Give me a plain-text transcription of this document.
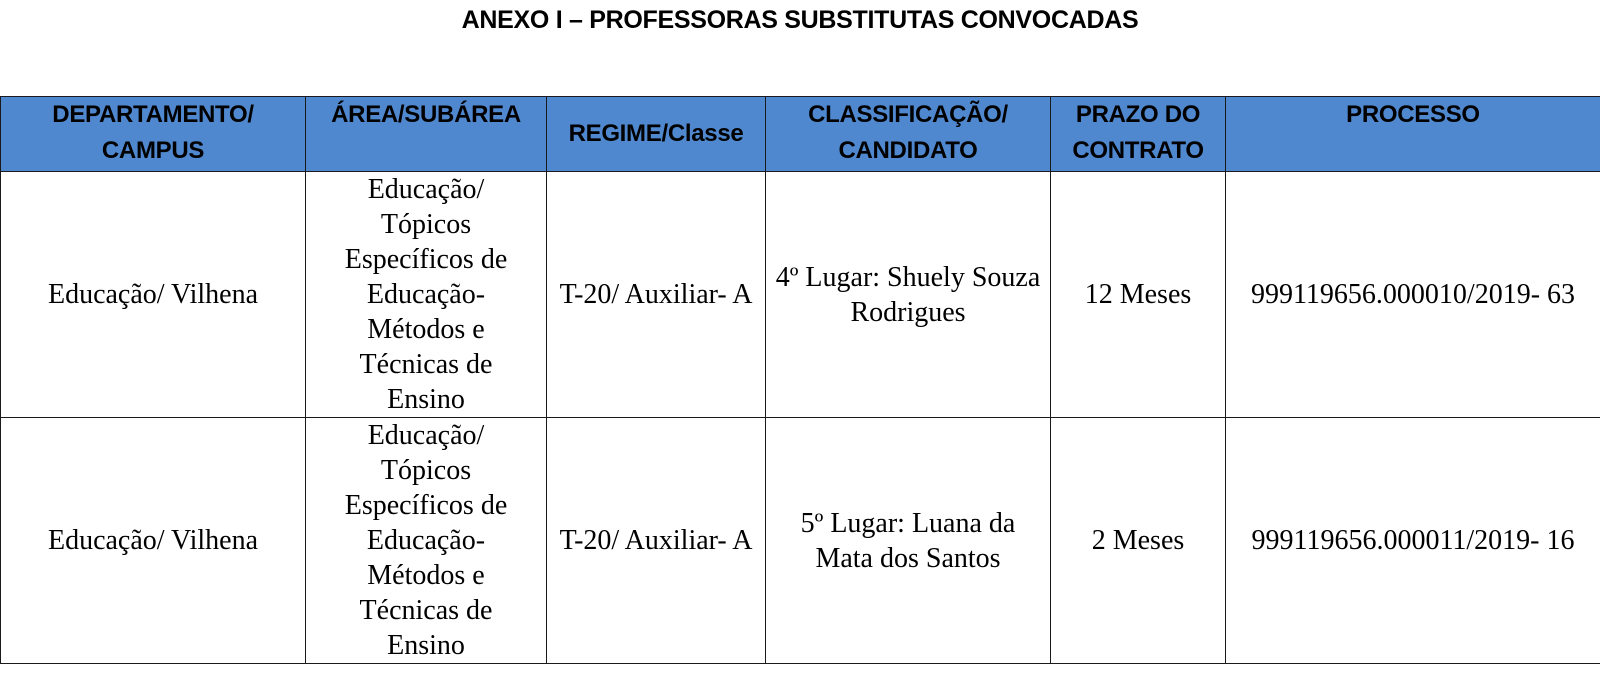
ANEXO I – PROFESSORAS SUBSTITUTAS CONVOCADAS
DEPARTAMENTO/ CAMPUS	ÁREA/SUBÁREA	REGIME/Classe	CLASSIFICAÇÃO/ CANDIDATO	PRAZO DO CONTRATO	PROCESSO
Educação/ Vilhena	Educação/ Tópicos Específicos de Educação- Métodos e Técnicas de Ensino	T-20/ Auxiliar- A	4º Lugar: Shuely Souza Rodrigues	12 Meses	999119656.000010/2019- 63
Educação/ Vilhena	Educação/ Tópicos Específicos de Educação- Métodos e Técnicas de Ensino	T-20/ Auxiliar- A	5º Lugar: Luana da Mata dos Santos	2 Meses	999119656.000011/2019- 16
